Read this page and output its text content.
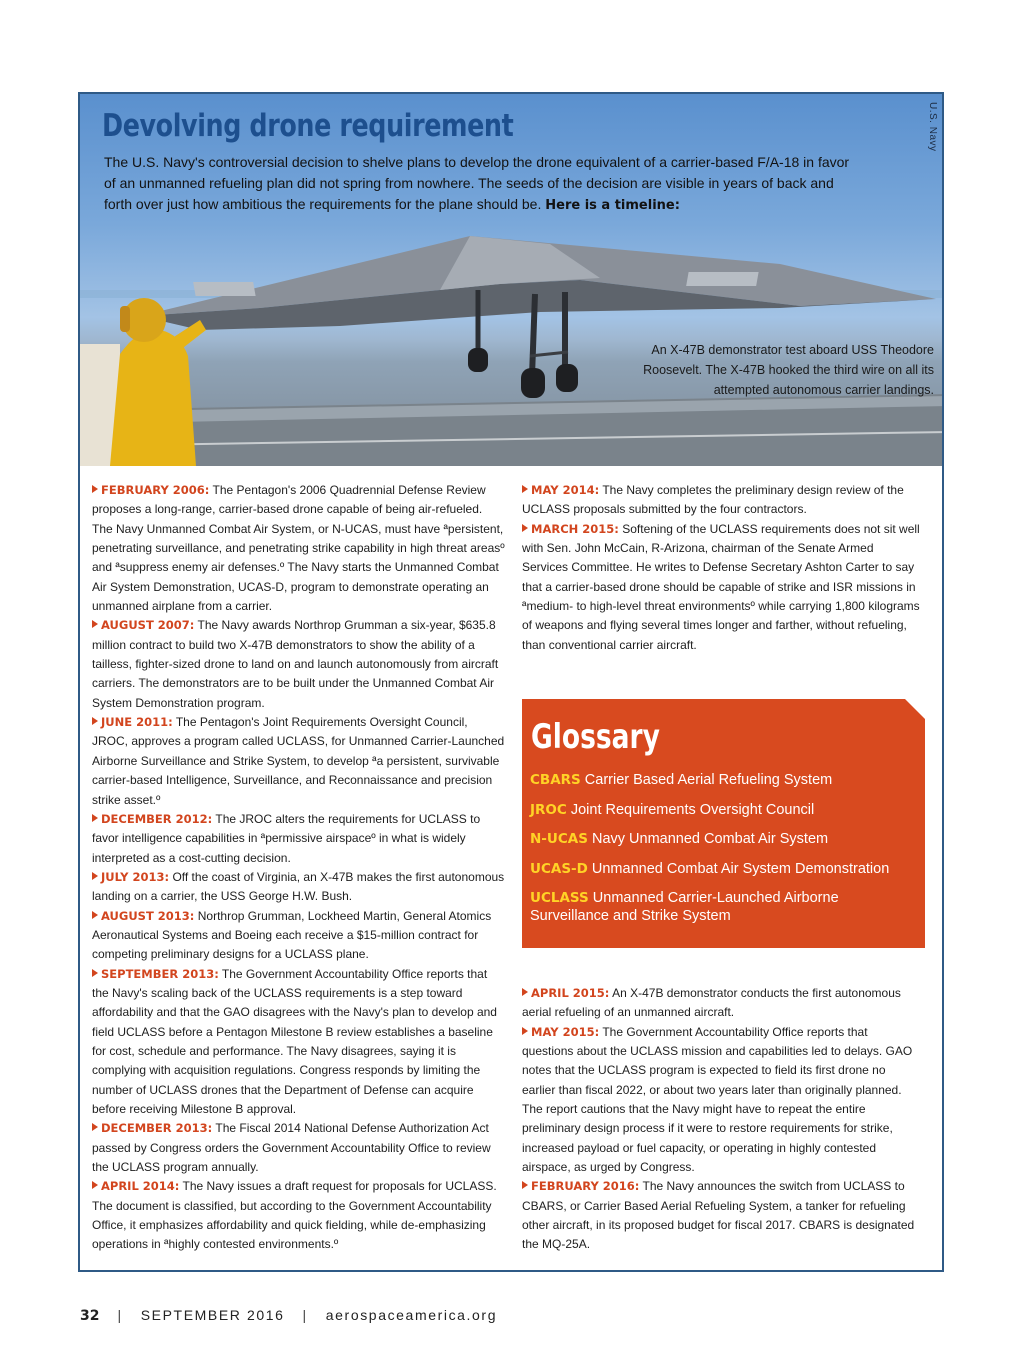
U.S. Navy
Devolving drone requirement

The U.S. Navy's controversial decision to shelve plans to develop the drone equivalent of a carrier-based F/A-18 in favor of an unmanned refueling plan did not spring from nowhere. The seeds of the decision are visible in years of back and forth over just how ambitious the requirements for the plane should be. Here is a timeline:

An X-47B demonstrator test aboard USS Theodore Roosevelt. The X-47B hooked the third wire on all its attempted autonomous carrier landings.

FEBRUARY 2006: The Pentagon's 2006 Quadrennial Defense Review proposes a long-range, carrier-based drone capable of being air-refueled. The Navy Unmanned Combat Air System, or N-UCAS, must have ªpersistent, penetrating surveillance, and penetrating strike capability in high threat areasº and ªsuppress enemy air defenses.º The Navy starts the Unmanned Combat Air System Demonstration, UCAS-D, program to demonstrate operating an unmanned airplane from a carrier.

AUGUST 2007: The Navy awards Northrop Grumman a six-year, $635.8 million contract to build two X-47B demonstrators to show the ability of a tailless, fighter-sized drone to land on and launch autonomously from aircraft carriers. The demonstrators are to be built under the Unmanned Combat Air System Demonstration program.

JUNE 2011: The Pentagon's Joint Requirements Oversight Council, JROC, approves a program called UCLASS, for Unmanned Carrier-Launched Airborne Surveillance and Strike System, to develop ªa persistent, survivable carrier-based Intelligence, Surveillance, and Reconnaissance and precision strike asset.º

DECEMBER 2012: The JROC alters the requirements for UCLASS to favor intelligence capabilities in ªpermissive airspaceº in what is widely interpreted as a cost-cutting decision.

JULY 2013: Off the coast of Virginia, an X-47B makes the first autonomous landing on a carrier, the USS George H.W. Bush.

AUGUST 2013: Northrop Grumman, Lockheed Martin, General Atomics Aeronautical Systems and Boeing each receive a $15-million contract for competing preliminary designs for a UCLASS plane.

SEPTEMBER 2013: The Government Accountability Office reports that the Navy's scaling back of the UCLASS requirements is a step toward affordability and that the GAO disagrees with the Navy's plan to develop and field UCLASS before a Pentagon Milestone B review establishes a baseline for cost, schedule and performance. The Navy disagrees, saying it is complying with acquisition regulations. Congress responds by limiting the number of UCLASS drones that the Department of Defense can acquire before receiving Milestone B approval.

DECEMBER 2013: The Fiscal 2014 National Defense Authorization Act passed by Congress orders the Government Accountability Office to review the UCLASS program annually.

APRIL 2014: The Navy issues a draft request for proposals for UCLASS. The document is classified, but according to the Government Accountability Office, it emphasizes affordability and quick fielding, while de-emphasizing operations in ªhighly contested environments.º

MAY 2014: The Navy completes the preliminary design review of the UCLASS proposals submitted by the four contractors.

MARCH 2015: Softening of the UCLASS requirements does not sit well with Sen. John McCain, R-Arizona, chairman of the Senate Armed Services Committee. He writes to Defense Secretary Ashton Carter to say that a carrier-based drone should be capable of strike and ISR missions in ªmedium- to high-level threat environmentsº while carrying 1,800 kilograms of weapons and flying several times longer and farther, without refueling, than conventional carrier aircraft.

Glossary
CBARS Carrier Based Aerial Refueling System
JROC Joint Requirements Oversight Council
N-UCAS Navy Unmanned Combat Air System
UCAS-D Unmanned Combat Air System Demonstration
UCLASS Unmanned Carrier-Launched Airborne Surveillance and Strike System

APRIL 2015: An X-47B demonstrator conducts the first autonomous aerial refueling of an unmanned aircraft.

MAY 2015: The Government Accountability Office reports that questions about the UCLASS mission and capabilities led to delays. GAO notes that the UCLASS program is expected to field its first drone no earlier than fiscal 2022, or about two years later than originally planned. The report cautions that the Navy might have to repeat the entire preliminary design process if it were to restore requirements for strike, increased payload or fuel capacity, or operating in highly contested airspace, as urged by Congress.

FEBRUARY 2016: The Navy announces the switch from UCLASS to CBARS, or Carrier Based Aerial Refueling System, a tanker for refueling other aircraft, in its proposed budget for fiscal 2017. CBARS is designated the MQ-25A.

32 | SEPTEMBER 2016 | aerospaceamerica.org
